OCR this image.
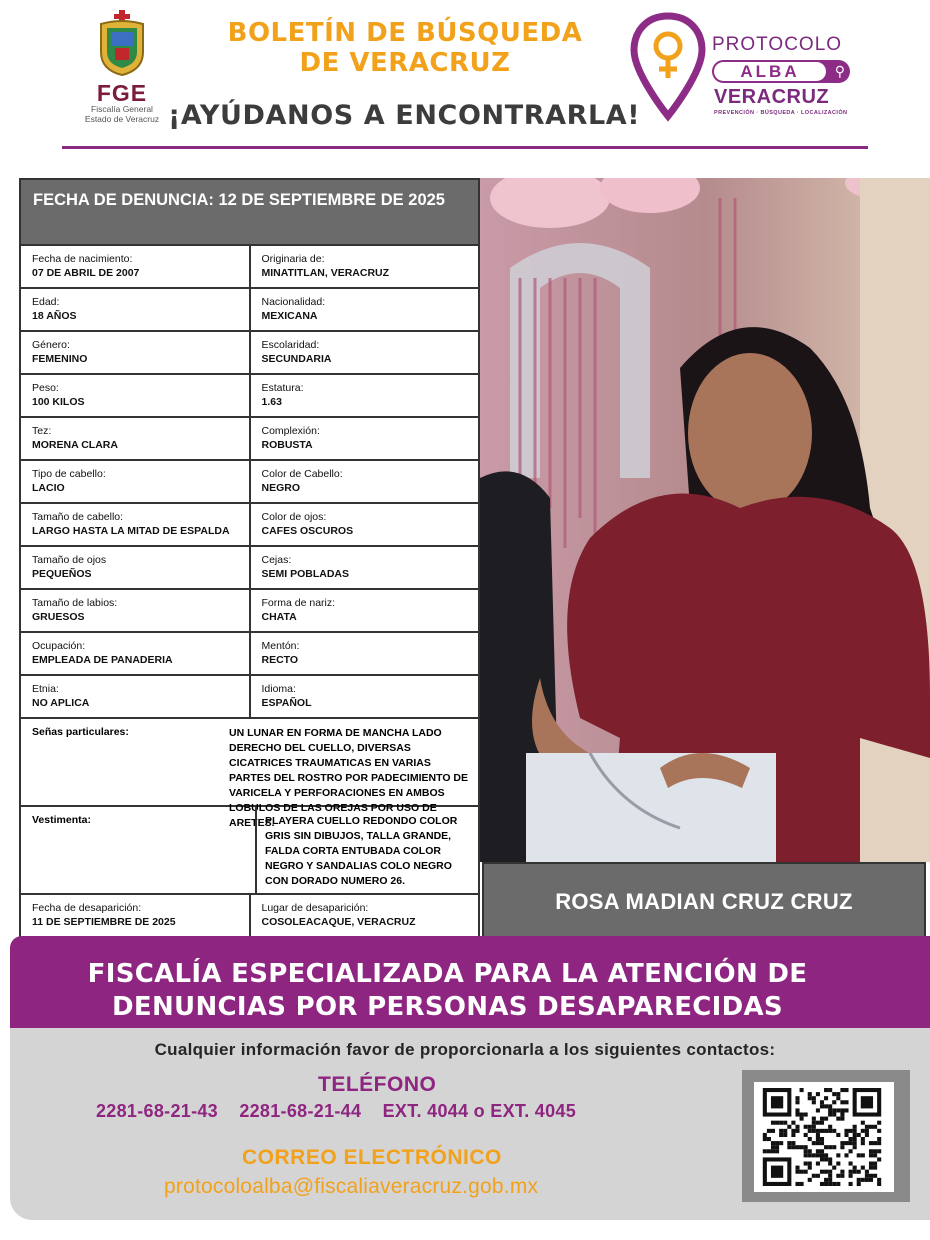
FGE
Fiscalía General
Estado de Veracruz
BOLETÍN DE BÚSQUEDA
DE VERACRUZ
¡AYÚDANOS A ENCONTRARLA!
PROTOCOLO
ALBA	⚲
VERACRUZ
PREVENCIÓN · BÚSQUEDA · LOCALIZACIÓN
FECHA DE DENUNCIA: 12 DE SEPTIEMBRE DE 2025
Fecha de nacimiento:
07 DE ABRIL DE 2007
Originaria de:
MINATITLAN, VERACRUZ
Edad:
18 AÑOS
Nacionalidad:
MEXICANA
Género:
FEMENINO
Escolaridad:
SECUNDARIA
Peso:
100 KILOS
Estatura:
1.63
Tez:
MORENA CLARA
Complexión:
ROBUSTA
Tipo de cabello:
LACIO
Color de Cabello:
NEGRO
Tamaño de cabello:
LARGO HASTA LA MITAD DE ESPALDA
Color de ojos:
CAFES OSCUROS
Tamaño de ojos
PEQUEÑOS
Cejas:
SEMI POBLADAS
Tamaño de labios:
GRUESOS
Forma de nariz:
CHATA
Ocupación:
EMPLEADA DE PANADERIA
Mentón:
RECTO
Etnia:
NO APLICA
Idioma:
ESPAÑOL
Señas particulares:	UN LUNAR EN FORMA DE MANCHA LADO DERECHO DEL CUELLO, DIVERSAS CICATRICES TRAUMATICAS EN VARIAS PARTES DEL ROSTRO POR PADECIMIENTO DE VARICELA Y PERFORACIONES EN AMBOS LOBULOS DE LAS OREJAS POR USO DE ARETES.
Vestimenta:	PLAYERA CUELLO REDONDO COLOR GRIS SIN DIBUJOS, TALLA GRANDE, FALDA CORTA ENTUBADA COLOR NEGRO Y SANDALIAS COLO NEGRO CON DORADO NUMERO 26.
Fecha de desaparición:
11 DE SEPTIEMBRE DE 2025
Lugar de desaparición:
COSOLEACAQUE, VERACRUZ
ROSA MADIAN CRUZ CRUZ
FISCALÍA ESPECIALIZADA PARA LA ATENCIÓN DE
DENUNCIAS POR PERSONAS DESAPARECIDAS
Cualquier información favor de proporcionarla a los siguientes contactos:
TELÉFONO
2281-68-21-43 2281-68-21-44 EXT. 4044 o EXT. 4045
CORREO ELECTRÓNICO
protocoloalba@fiscaliaveracruz.gob.mx
